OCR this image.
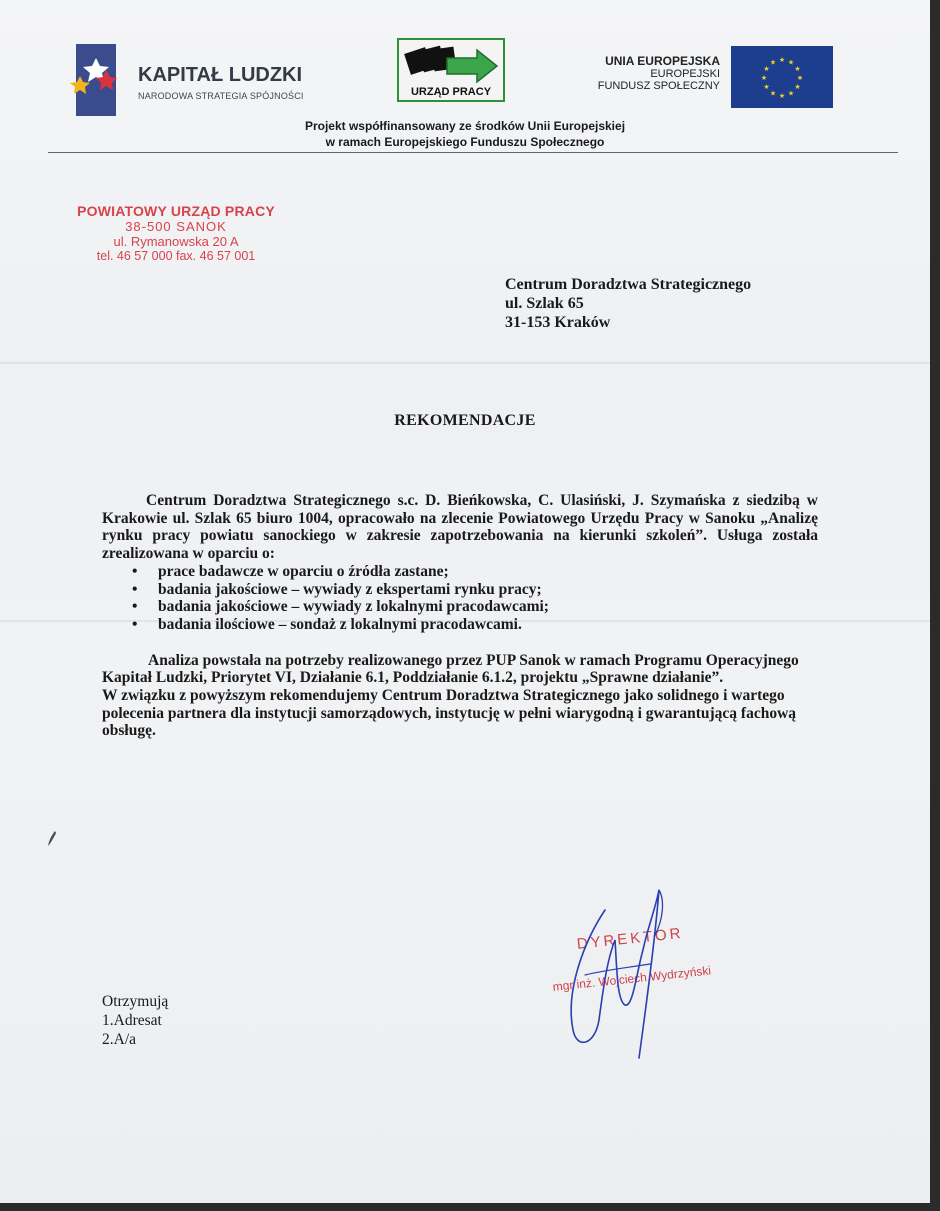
KAPITAŁ LUDZKI
NARODOWA STRATEGIA SPÓJNOŚCI	URZĄD PRACY
UNIA EUROPEJSKA
EUROPEJSKI
FUNDUSZ SPOŁECZNY
★ ★
★
★
★
★
★
★
★
★
★
★
Projekt współfinansowany ze środków Unii Europejskiej
w ramach Europejskiego Funduszu Społecznego
POWIATOWY URZĄD PRACY
38-500 SANOK
ul. Rymanowska 20 A
tel. 46 57 000 fax. 46 57 001
Centrum Doradztwa Strategicznego
ul. Szlak 65
31-153 Kraków
REKOMENDACJE

Centrum Doradztwa Strategicznego s.c. D. Bieńkowska, C. Ulasiński, J. Szymańska z siedzibą w Krakowie ul. Szlak 65 biuro 1004, opracowało na zlecenie Powiatowego Urzędu Pracy w Sanoku „Analizę rynku pracy powiatu sanockiego w zakresie zapotrzebowania na kierunki szkoleń”. Usługa została zrealizowana w oparciu o:

• prace badawcze w oparciu o źródła zastane;
• badania jakościowe – wywiady z ekspertami rynku pracy;
• badania jakościowe – wywiady z lokalnymi pracodawcami;
• badania ilościowe – sondaż z lokalnymi pracodawcami.

Analiza powstała na potrzeby realizowanego przez PUP Sanok w ramach Programu Operacyjnego Kapitał Ludzki, Priorytet VI, Działanie 6.1, Poddziałanie 6.1.2, projektu „Sprawne działanie”.

W związku z powyższym rekomendujemy Centrum Doradztwa Strategicznego jako solidnego i wartego polecenia partnera dla instytucji samorządowych, instytucję w pełni wiarygodną i gwarantującą fachową obsługę.

Otrzymują
1.Adresat
2.A/a
DYREKTOR
mgr inż. Wojciech Wydrzyński
